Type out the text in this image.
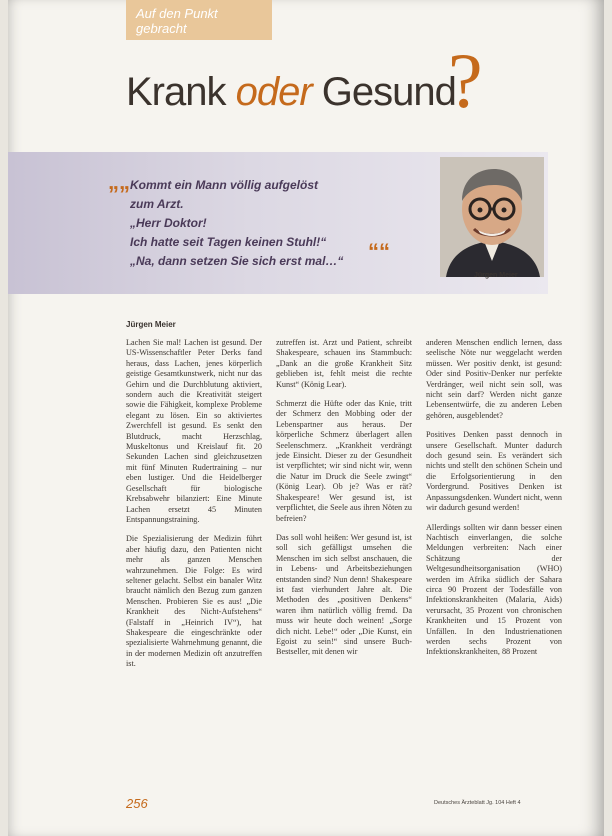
Auf den Punkt
gebracht
Krank oder Gesund
?
„„ Kommt ein Mann völlig aufgelöst
zum Arzt.
„Herr Doktor!
Ich hatte seit Tagen keinen Stuhl!“
„Na, dann setzen Sie sich erst mal…“ ““
Jürgen Meier
Jürgen Meier

Lachen Sie mal! Lachen ist gesund. Der US-Wissenschaftler Peter Derks fand heraus, dass Lachen, jenes körperlich geistige Gesamtkunstwerk, nicht nur das Gehirn und die Durchblutung aktiviert, sondern auch die Kreativität steigert sowie die Fähigkeit, komplexe Probleme elegant zu lösen. Ein so aktiviertes Zwerchfell ist gesund. Es senkt den Blutdruck, macht Herzschlag, Muskeltonus und Kreislauf fit. 20 Sekunden Lachen sind gleichzusetzen mit fünf Minuten Rudertraining – nur eben lustiger. Und die Heidelberger Gesellschaft für biologische Krebsabwehr bilanziert: Eine Minute Lachen ersetzt 45 Minuten Entspannungstraining.

Die Spezialisierung der Medizin führt aber häufig dazu, den Patienten nicht mehr als ganzen Menschen wahrzunehmen. Die Folge: Es wird seltener gelacht. Selbst ein banaler Witz braucht nämlich den Bezug zum ganzen Menschen. Probieren Sie es aus! „Die Krankheit des Nicht-Aufstehens“ (Falstaff in „Heinrich IV“), hat Shakespeare die eingeschränkte oder spezialisierte Wahrnehmung genannt, die in der modernen Medizin oft anzutreffen ist.

zutreffen ist. Arzt und Patient, schreibt Shakespeare, schauen ins Stammbuch: „Dank an die große Krankheit Sitz geblieben ist, fehlt meist die rechte Kunst“ (König Lear).

Schmerzt die Hüfte oder das Knie, tritt der Schmerz den Mobbing oder der Lebenspartner aus heraus. Der körperliche Schmerz überlagert allen Seelenschmerz. „Krankheit verdrängt jede Einsicht. Dieser zu der Gesundheit ist verpflichtet; wir sind nicht wir, wenn die Natur im Druck die Seele zwingt“ (König Lear). Ob je? Was er rät? Shakespeare! Wer gesund ist, ist verpflichtet, die Seele aus ihren Nöten zu befreien?

Das soll wohl heißen: Wer gesund ist, ist soll sich gefälligst umsehen die Menschen im sich selbst anschauen, die in Lebens- und Arbeitsbeziehungen entstanden sind? Nun denn! Shakespeare ist fast vierhundert Jahre alt. Die Methoden des „positiven Denkens“ waren ihm natürlich völlig fremd. Da muss wir heute doch weinen! „Sorge dich nicht. Lebe!“ oder „Die Kunst, ein Egoist zu sein!“ sind unsere Buch-Bestseller, mit denen wir

anderen Menschen endlich lernen, dass seelische Nöte nur weggelacht werden müssen. Wer positiv denkt, ist gesund: Oder sind Positiv-Denker nur perfekte Verdränger, weil nicht sein soll, was nicht sein darf? Werden nicht ganze Lebensentwürfe, die zu anderen Leben gehören, ausgeblendet?

Positives Denken passt dennoch in unsere Gesellschaft. Munter dadurch doch gesund sein. Es verändert sich nichts und stellt den schönen Schein und die Erfolgsorientierung in den Vordergrund. Positives Denken ist Anpassungsdenken. Wundert nicht, wenn wir dadurch gesund werden!

Allerdings sollten wir dann besser einen Nachtisch einverlangen, die solche Meldungen verbreiten: Nach einer Schätzung der Weltgesundheitsorganisation (WHO) werden im Afrika südlich der Sahara circa 90 Prozent der Todesfälle von Infektionskrankheiten (Malaria, Aids) verursacht, 35 Prozent von chronischen Krankheiten und 15 Prozent von Unfällen. In den Industrienationen werden sechs Prozent von Infektionskrankheiten, 88 Prozent

256	Deutsches Ärzteblatt Jg. 104 Heft 4
